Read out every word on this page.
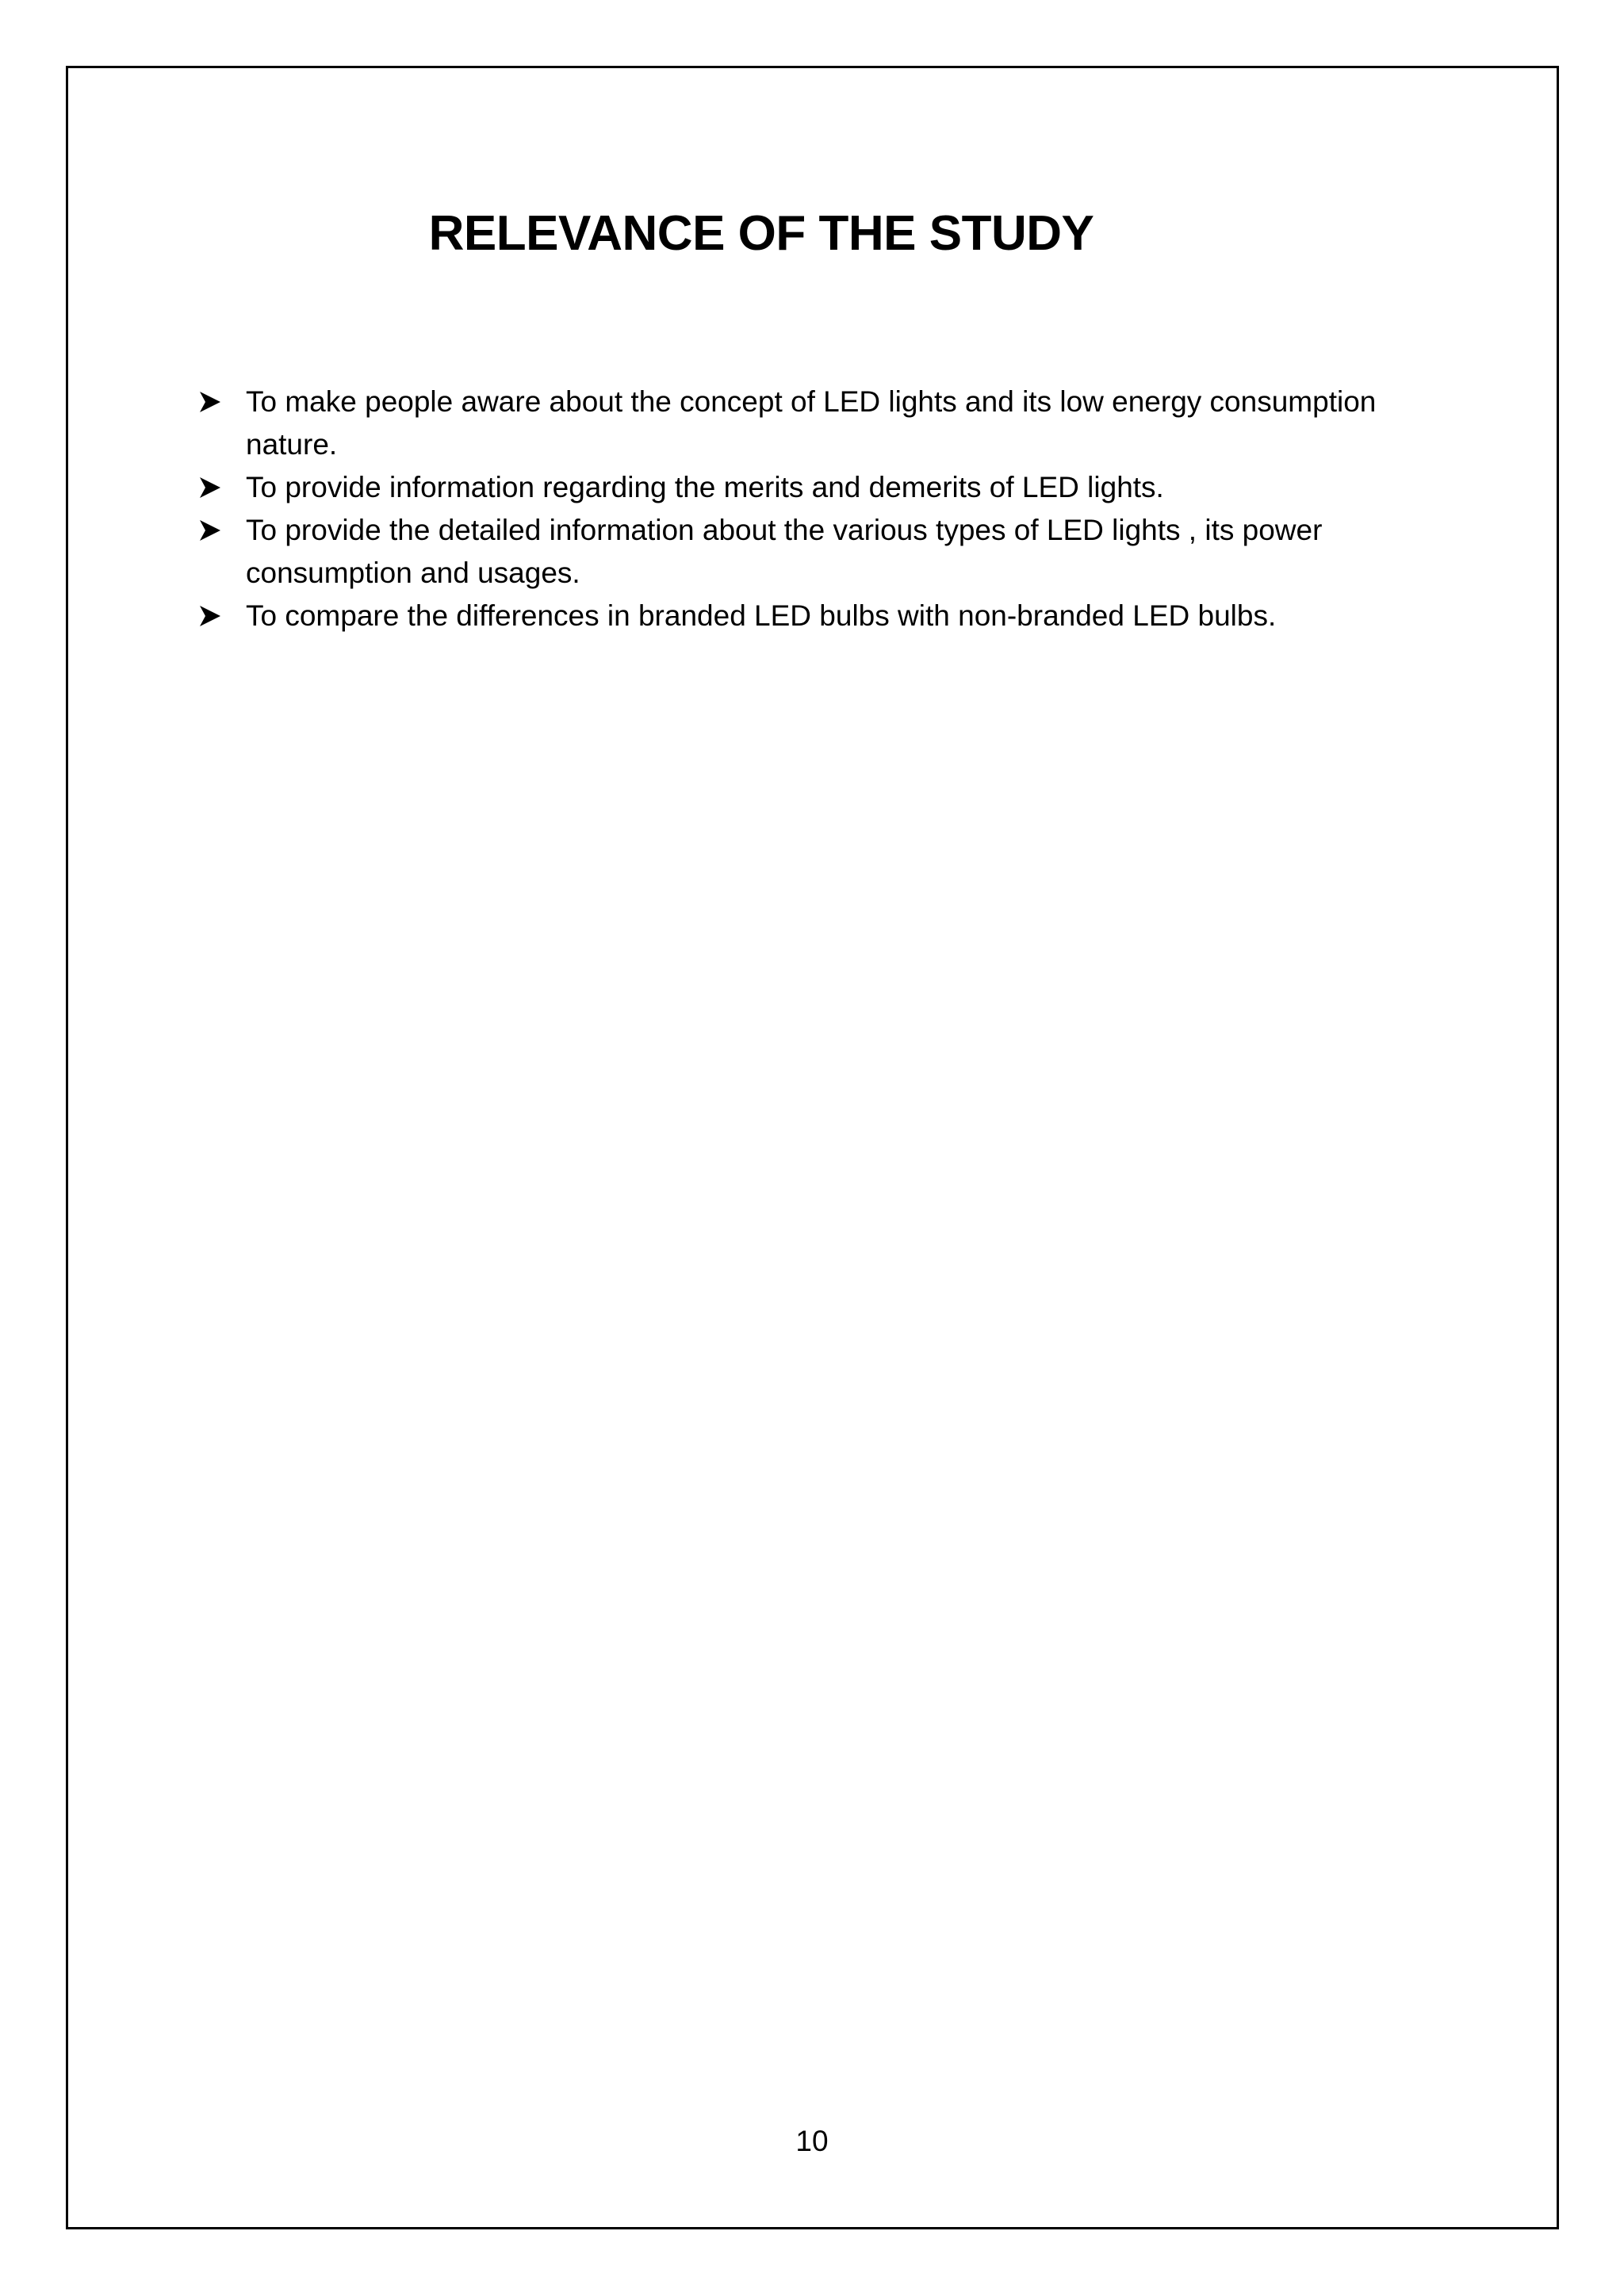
RELEVANCE OF THE STUDY
To make people aware about the concept of LED lights and its low energy consumption nature.
To provide information regarding the merits and demerits of LED lights.
To provide the detailed information about the various types of LED lights , its power consumption and usages.
To compare the differences in branded LED bulbs with non-branded LED bulbs.
10
